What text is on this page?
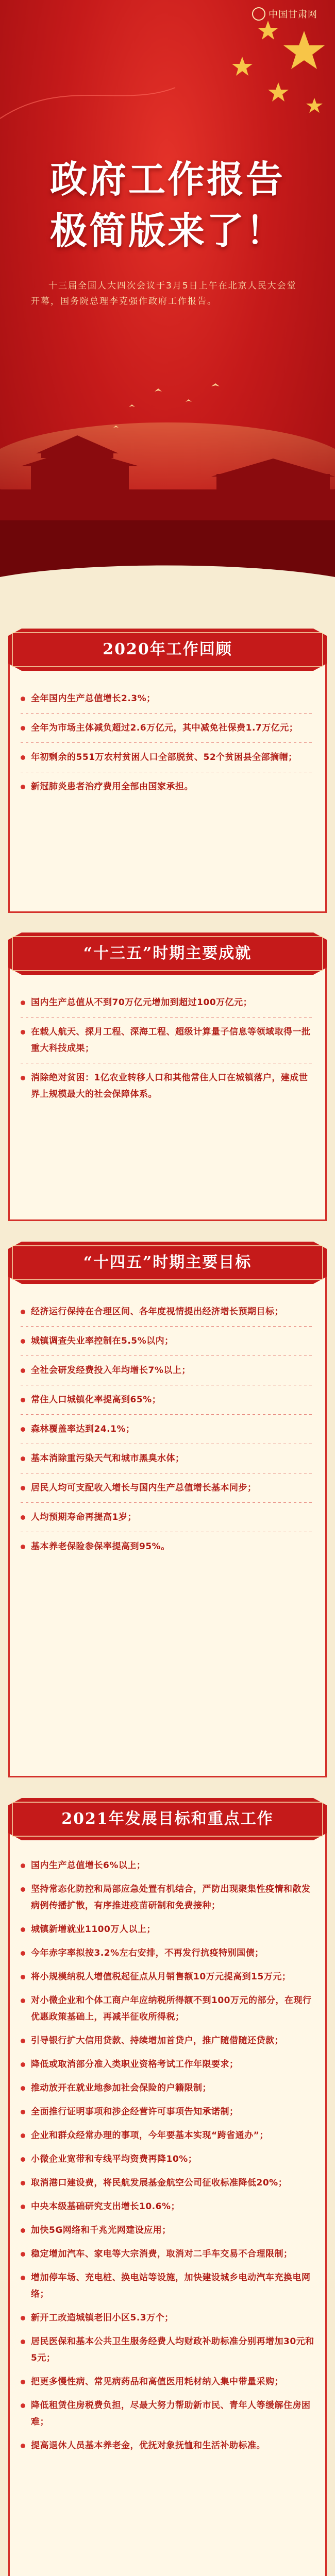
中国甘肃网
政府工作报告
极简版来了！
十三届全国人大四次会议于3月5日上午在北京人民大会堂开幕，国务院总理李克强作政府工作报告。
2020年工作回顾
全年国内生产总值增长2.3%；
全年为市场主体减负超过2.6万亿元，其中减免社保费1.7万亿元；
年初剩余的551万农村贫困人口全部脱贫、52个贫困县全部摘帽；
新冠肺炎患者治疗费用全部由国家承担。
“十三五”时期主要成就
国内生产总值从不到70万亿元增加到超过100万亿元；
在载人航天、探月工程、深海工程、超级计算量子信息等领域取得一批重大科技成果；
消除绝对贫困：1亿农业转移人口和其他常住人口在城镇落户，建成世界上规模最大的社会保障体系。
“十四五”时期主要目标
经济运行保持在合理区间、各年度视情提出经济增长预期目标；
城镇调查失业率控制在5.5%以内；
全社会研发经费投入年均增长7%以上；
常住人口城镇化率提高到65%；
森林覆盖率达到24.1%；
基本消除重污染天气和城市黑臭水体；
居民人均可支配收入增长与国内生产总值增长基本同步；
人均预期寿命再提高1岁；
基本养老保险参保率提高到95%。
2021年发展目标和重点工作
国内生产总值增长6%以上；
坚持常态化防控和局部应急处置有机结合，严防出现聚集性疫情和散发病例传播扩散，有序推进疫苗研制和免费接种；
城镇新增就业1100万人以上；
今年赤字率拟按3.2%左右安排，不再发行抗疫特别国债；
将小规模纳税人增值税起征点从月销售额10万元提高到15万元；
对小微企业和个体工商户年应纳税所得额不到100万元的部分，在现行优惠政策基础上，再减半征收所得税；
引导银行扩大信用贷款、持续增加首贷户，推广随借随还贷款；
降低或取消部分准入类职业资格考试工作年限要求；
推动放开在就业地参加社会保险的户籍限制；
全面推行证明事项和涉企经营许可事项告知承诺制；
企业和群众经常办理的事项，今年要基本实现“跨省通办”；
小微企业宽带和专线平均资费再降10%；
取消港口建设费，将民航发展基金航空公司征收标准降低20%；
中央本级基础研究支出增长10.6%；
加快5G网络和千兆光网建设应用；
稳定增加汽车、家电等大宗消费，取消对二手车交易不合理限制；
增加停车场、充电桩、换电站等设施，加快建设城乡电动汽车充换电网络；
新开工改造城镇老旧小区5.3万个；
居民医保和基本公共卫生服务经费人均财政补助标准分别再增加30元和5元；
把更多慢性病、常见病药品和高值医用耗材纳入集中带量采购；
降低租赁住房税费负担，尽最大努力帮助新市民、青年人等缓解住房困难；
提高退休人员基本养老金，优抚对象抚恤和生活补助标准。
